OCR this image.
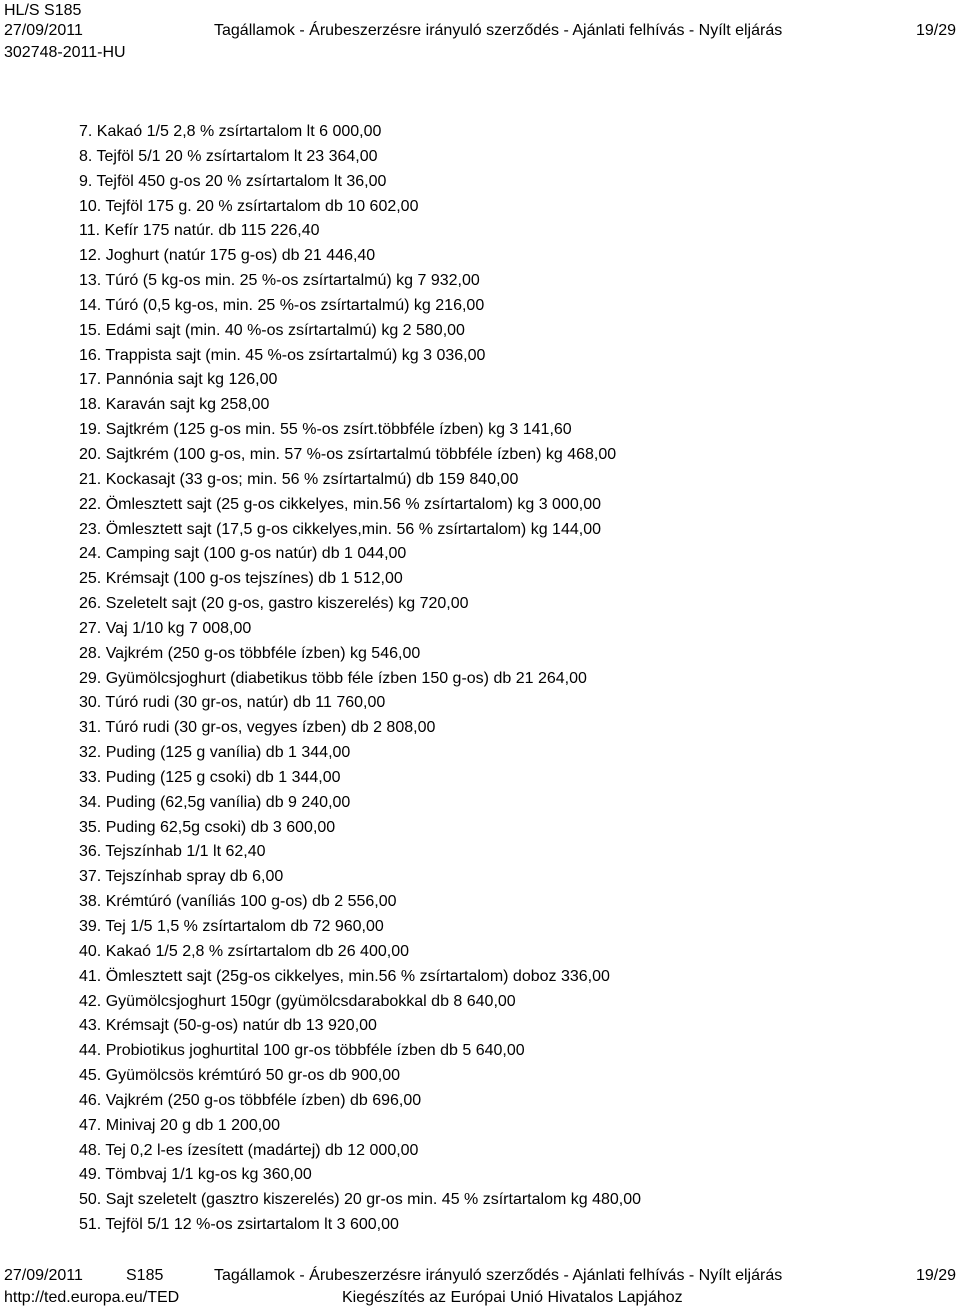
HL/S S185
27/09/2011	Tagállamok - Árubeszerzésre irányuló szerződés - Ajánlati felhívás - Nyílt eljárás	19/29
302748-2011-HU
7. Kakaó 1/5 2,8 % zsírtartalom lt 6 000,00
8. Tejföl 5/1 20 % zsírtartalom lt 23 364,00
9. Tejföl 450 g-os 20 % zsírtartalom lt 36,00
10. Tejföl 175 g. 20 % zsírtartalom db 10 602,00
11. Kefír 175 natúr. db 115 226,40
12. Joghurt (natúr 175 g-os) db 21 446,40
13. Túró (5 kg-os min. 25 %-os zsírtartalmú) kg 7 932,00
14. Túró (0,5 kg-os, min. 25 %-os zsírtartalmú) kg 216,00
15. Edámi sajt (min. 40 %-os zsírtartalmú) kg 2 580,00
16. Trappista sajt (min. 45 %-os zsírtartalmú) kg 3 036,00
17. Pannónia sajt kg 126,00
18. Karaván sajt kg 258,00
19. Sajtkrém (125 g-os min. 55 %-os zsírt.többféle ízben) kg 3 141,60
20. Sajtkrém (100 g-os, min. 57 %-os zsírtartalmú többféle ízben) kg 468,00
21. Kockasajt (33 g-os; min. 56 % zsírtartalmú) db 159 840,00
22. Ömlesztett sajt (25 g-os cikkelyes, min.56 % zsírtartalom) kg 3 000,00
23. Ömlesztett sajt (17,5 g-os cikkelyes,min. 56 % zsírtartalom) kg 144,00
24. Camping sajt (100 g-os natúr) db 1 044,00
25. Krémsajt (100 g-os tejszínes) db 1 512,00
26. Szeletelt sajt (20 g-os, gastro kiszerelés) kg 720,00
27. Vaj 1/10 kg 7 008,00
28. Vajkrém (250 g-os többféle ízben) kg 546,00
29. Gyümölcsjoghurt (diabetikus több féle ízben 150 g-os) db 21 264,00
30. Túró rudi (30 gr-os, natúr) db 11 760,00
31. Túró rudi (30 gr-os, vegyes ízben) db 2 808,00
32. Puding (125 g vanília) db 1 344,00
33. Puding (125 g csoki) db 1 344,00
34. Puding (62,5g vanília) db 9 240,00
35. Puding 62,5g csoki) db 3 600,00
36. Tejszínhab 1/1 lt 62,40
37. Tejszínhab spray db 6,00
38. Krémtúró (vaníliás 100 g-os) db 2 556,00
39. Tej 1/5 1,5 % zsírtartalom db 72 960,00
40. Kakaó 1/5 2,8 % zsírtartalom db 26 400,00
41. Ömlesztett sajt (25g-os cikkelyes, min.56 % zsírtartalom) doboz 336,00
42. Gyümölcsjoghurt 150gr (gyümölcsdarabokkal db 8 640,00
43. Krémsajt (50-g-os) natúr db 13 920,00
44. Probiotikus joghurtital 100 gr-os többféle ízben db 5 640,00
45. Gyümölcsös krémtúró 50 gr-os db 900,00
46. Vajkrém (250 g-os többféle ízben) db 696,00
47. Minivaj 20 g db 1 200,00
48. Tej 0,2 l-es ízesített (madártej) db 12 000,00
49. Tömbvaj 1/1 kg-os kg 360,00
50. Sajt szeletelt (gasztro kiszerelés) 20 gr-os min. 45 % zsírtartalom kg 480,00
51. Tejföl 5/1 12 %-os zsirtartalom lt 3 600,00
27/09/2011	S185	Tagállamok - Árubeszerzésre irányuló szerződés - Ajánlati felhívás - Nyílt eljárás	19/29
http://ted.europa.eu/TED	Kiegészítés az Európai Unió Hivatalos Lapjához
